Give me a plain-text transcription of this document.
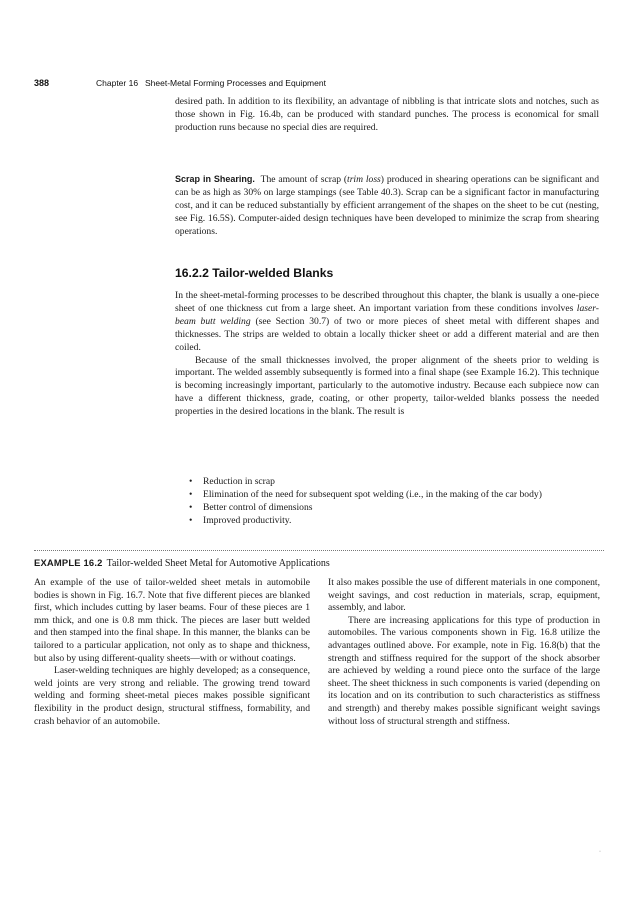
388	Chapter 16 Sheet-Metal Forming Processes and Equipment

desired path. In addition to its flexibility, an advantage of nibbling is that intricate slots and notches, such as those shown in Fig. 16.4b, can be produced with standard punches. The process is economical for small production runs because no special dies are required.

Scrap in Shearing. The amount of scrap (trim loss) produced in shearing operations can be significant and can be as high as 30% on large stampings (see Table 40.3). Scrap can be a significant factor in manufacturing cost, and it can be reduced substantially by efficient arrangement of the shapes on the sheet to be cut (nesting, see Fig. 16.5S). Computer-aided design techniques have been developed to minimize the scrap from shearing operations.

16.2.2 Tailor-welded Blanks

In the sheet-metal-forming processes to be described throughout this chapter, the blank is usually a one-piece sheet of one thickness cut from a large sheet. An important variation from these conditions involves laser-beam butt welding (see Section 30.7) of two or more pieces of sheet metal with different shapes and thicknesses. The strips are welded to obtain a locally thicker sheet or add a different material and are then coiled.

Because of the small thicknesses involved, the proper alignment of the sheets prior to welding is important. The welded assembly subsequently is formed into a final shape (see Example 16.2). This technique is becoming increasingly important, particularly to the automotive industry. Because each subpiece now can have a different thickness, grade, coating, or other property, tailor-welded blanks possess the needed properties in the desired locations in the blank. The result is

• Reduction in scrap
• Elimination of the need for subsequent spot welding (i.e., in the making of the car body)
• Better control of dimensions
• Improved productivity.
EXAMPLE 16.2 Tailor-welded Sheet Metal for Automotive Applications

An example of the use of tailor-welded sheet metals in automobile bodies is shown in Fig. 16.7. Note that five different pieces are blanked first, which includes cutting by laser beams. Four of these pieces are 1 mm thick, and one is 0.8 mm thick. The pieces are laser butt welded and then stamped into the final shape. In this manner, the blanks can be tailored to a particular application, not only as to shape and thickness, but also by using different-quality sheets—with or without coatings.

Laser-welding techniques are highly developed; as a consequence, weld joints are very strong and reliable. The growing trend toward welding and forming sheet-metal pieces makes possible significant flexibility in the product design, structural stiffness, formability, and crash behavior of an automobile.

It also makes possible the use of different materials in one component, weight savings, and cost reduction in materials, scrap, equipment, assembly, and labor.

There are increasing applications for this type of production in automobiles. The various components shown in Fig. 16.8 utilize the advantages outlined above. For example, note in Fig. 16.8(b) that the strength and stiffness required for the support of the shock absorber are achieved by welding a round piece onto the surface of the large sheet. The sheet thickness in such components is varied (depending on its location and on its contribution to such characteristics as stiffness and strength) and thereby makes possible significant weight savings without loss of structural strength and stiffness.

·
